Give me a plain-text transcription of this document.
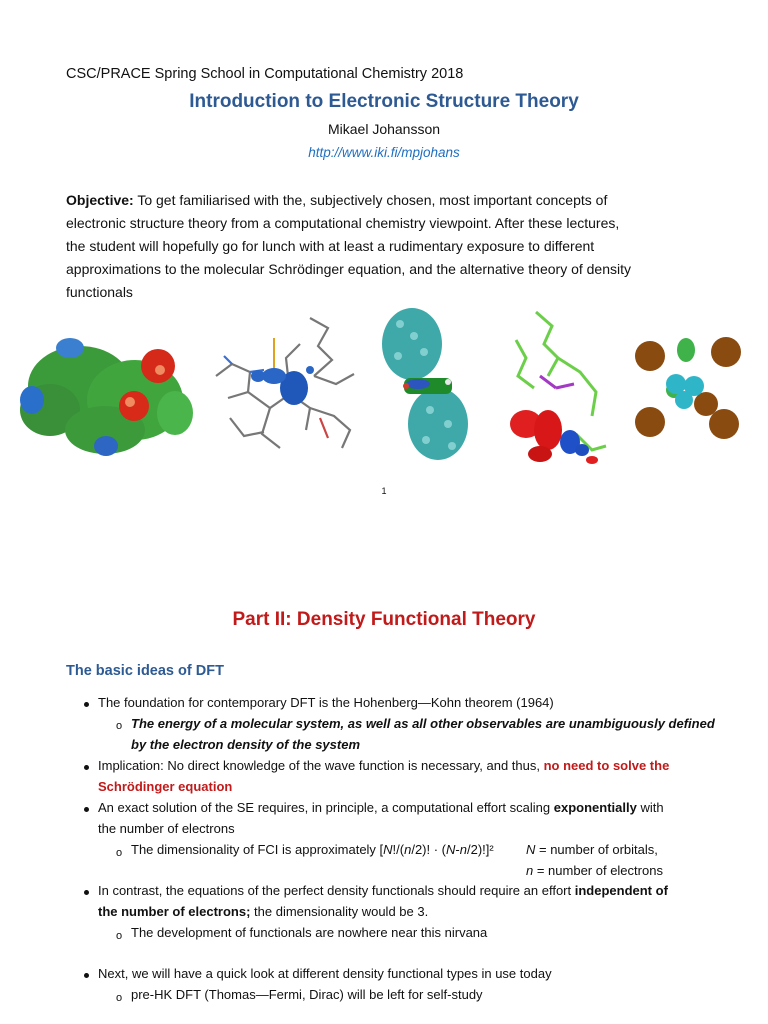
CSC/PRACE Spring School in Computational Chemistry 2018
Introduction to Electronic Structure Theory
Mikael Johansson
http://www.iki.fi/mpjohans
Objective: To get familiarised with the, subjectively chosen, most important concepts of
electronic structure theory from a computational chemistry viewpoint. After these lectures,
the student will hopefully go for lunch with at least a rudimentary exposure to different
approximations to the molecular Schrödinger equation, and the alternative theory of density
functionals
1
Part II: Density Functional Theory
The basic ideas of DFT
The foundation for contemporary DFT is the Hohenberg—Kohn theorem (1964)
o The energy of a molecular system, as well as all other observables are unambiguously defined
by the electron density of the system
Implication: No direct knowledge of the wave function is necessary, and thus, no need to solve the
Schrödinger equation
An exact solution of the SE requires, in principle, a computational effort scaling exponentially with
the number of electrons
o The dimensionality of FCI is approximately [N!/(n/2)! · (N-n/2)!]² N = number of orbitals,
n = number of electrons
In contrast, the equations of the perfect density functionals should require an effort independent of
the number of electrons; the dimensionality would be 3.
o The development of functionals are nowhere near this nirvana
Next, we will have a quick look at different density functional types in use today
o pre-HK DFT (Thomas—Fermi, Dirac) will be left for self-study
